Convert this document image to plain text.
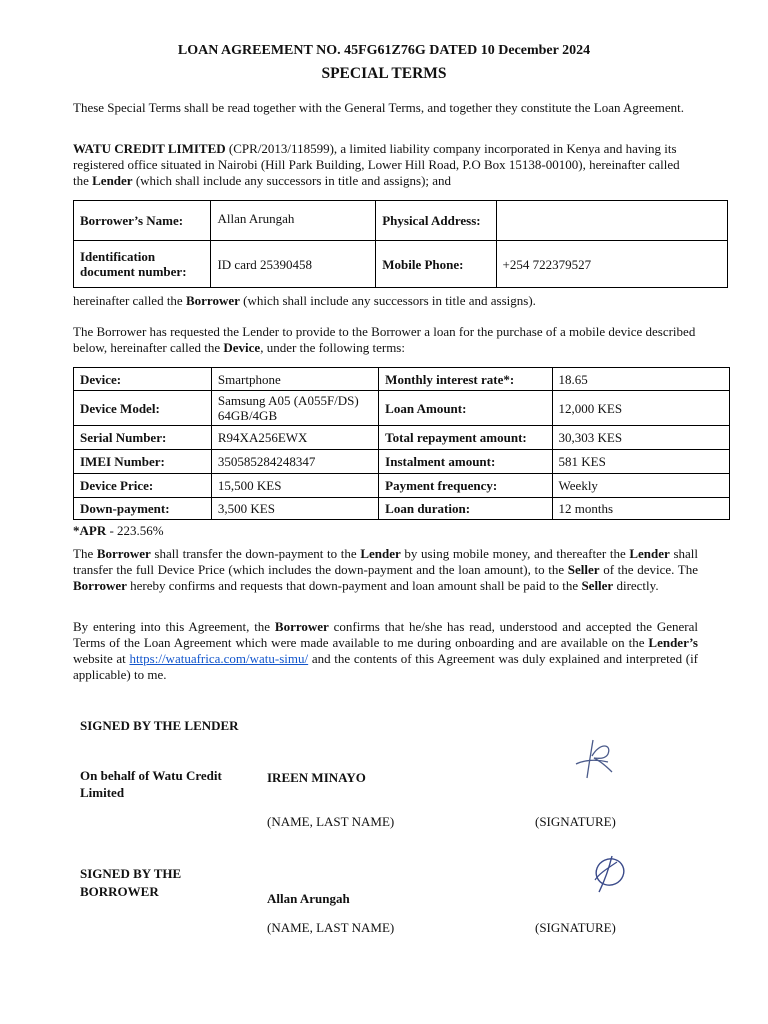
LOAN AGREEMENT NO. 45FG61Z76G DATED 10 December 2024
SPECIAL TERMS
These Special Terms shall be read together with the General Terms, and together they constitute the Loan Agreement.
WATU CREDIT LIMITED (CPR/2013/118599), a limited liability company incorporated in Kenya and having its registered office situated in Nairobi (Hill Park Building, Lower Hill Road, P.O Box 15138-00100), hereinafter called the Lender (which shall include any successors in title and assigns); and
Borrower’s Name:	Allan Arungah	Physical Address:	
Identification document number:	ID card 25390458	Mobile Phone:	+254 722379527
hereinafter called the Borrower (which shall include any successors in title and assigns).
The Borrower has requested the Lender to provide to the Borrower a loan for the purchase of a mobile device described below, hereinafter called the Device, under the following terms:
Device:	Smartphone	Monthly interest rate*:	18.65
Device Model:	Samsung A05 (A055F/DS) 64GB/4GB	Loan Amount:	12,000 KES
Serial Number:	R94XA256EWX	Total repayment amount:	30,303 KES
IMEI Number:	350585284248347	Instalment amount:	581 KES
Device Price:	15,500 KES	Payment frequency:	Weekly
Down-payment:	3,500 KES	Loan duration:	12 months
*APR - 223.56%
The Borrower shall transfer the down-payment to the Lender by using mobile money, and thereafter the Lender shall transfer the full Device Price (which includes the down-payment and the loan amount), to the Seller of the device. The Borrower hereby confirms and requests that down-payment and loan amount shall be paid to the Seller directly.
By entering into this Agreement, the Borrower confirms that he/she has read, understood and accepted the General Terms of the Loan Agreement which were made available to me during onboarding and are available on the Lender’s website at https://watuafrica.com/watu-simu/ and the contents of this Agreement was duly explained and interpreted (if applicable) to me.
SIGNED BY THE LENDER
On behalf of Watu Credit Limited
IREEN MINAYO
(NAME, LAST NAME)	(SIGNATURE)
SIGNED BY THE BORROWER	Allan Arungah
(NAME, LAST NAME)	(SIGNATURE)
